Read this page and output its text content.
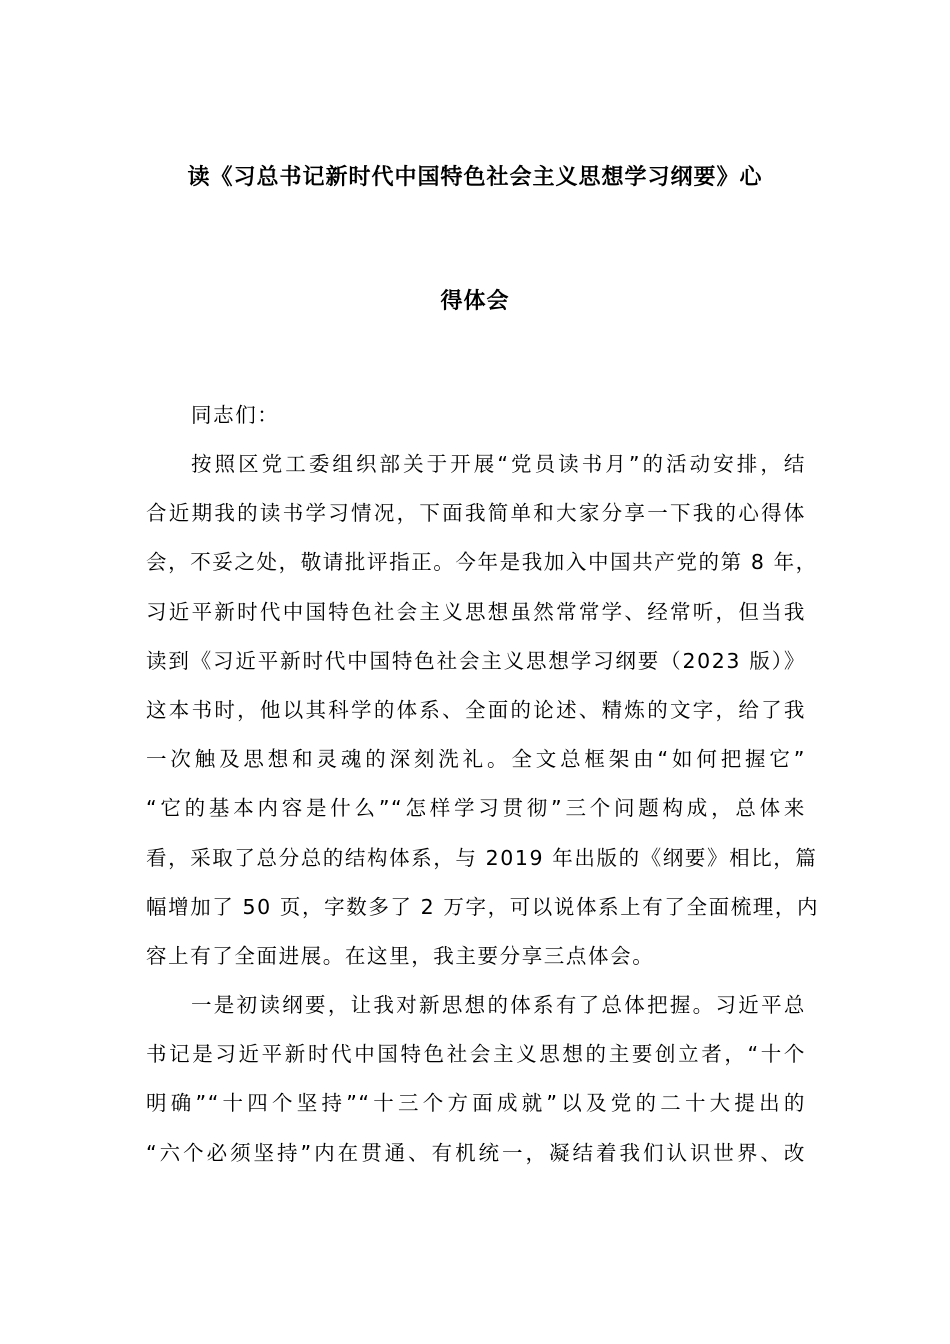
读《习总书记新时代中国特色社会主义思想学习纲要》心
得体会
同志们：
按照区党工委组织部关于开展“党员读书月”的活动安排，结
合近期我的读书学习情况，下面我简单和大家分享一下我的心得体
会，不妥之处，敬请批评指正。今年是我加入中国共产党的第 8 年，
习近平新时代中国特色社会主义思想虽然常常学、经常听，但当我
读到《习近平新时代中国特色社会主义思想学习纲要（2023 版）》
这本书时，他以其科学的体系、全面的论述、精炼的文字，给了我
一次触及思想和灵魂的深刻洗礼。全文总框架由“如何把握它”
“它的基本内容是什么”“怎样学习贯彻”三个问题构成，总体来
看，采取了总分总的结构体系，与 2019 年出版的《纲要》相比，篇
幅增加了 50 页，字数多了 2 万字，可以说体系上有了全面梳理，内
容上有了全面进展。在这里，我主要分享三点体会。
一是初读纲要，让我对新思想的体系有了总体把握。习近平总
书记是习近平新时代中国特色社会主义思想的主要创立者，“十个
明确”“十四个坚持”“十三个方面成就”以及党的二十大提出的
“六个必须坚持”内在贯通、有机统一，凝结着我们认识世界、改
